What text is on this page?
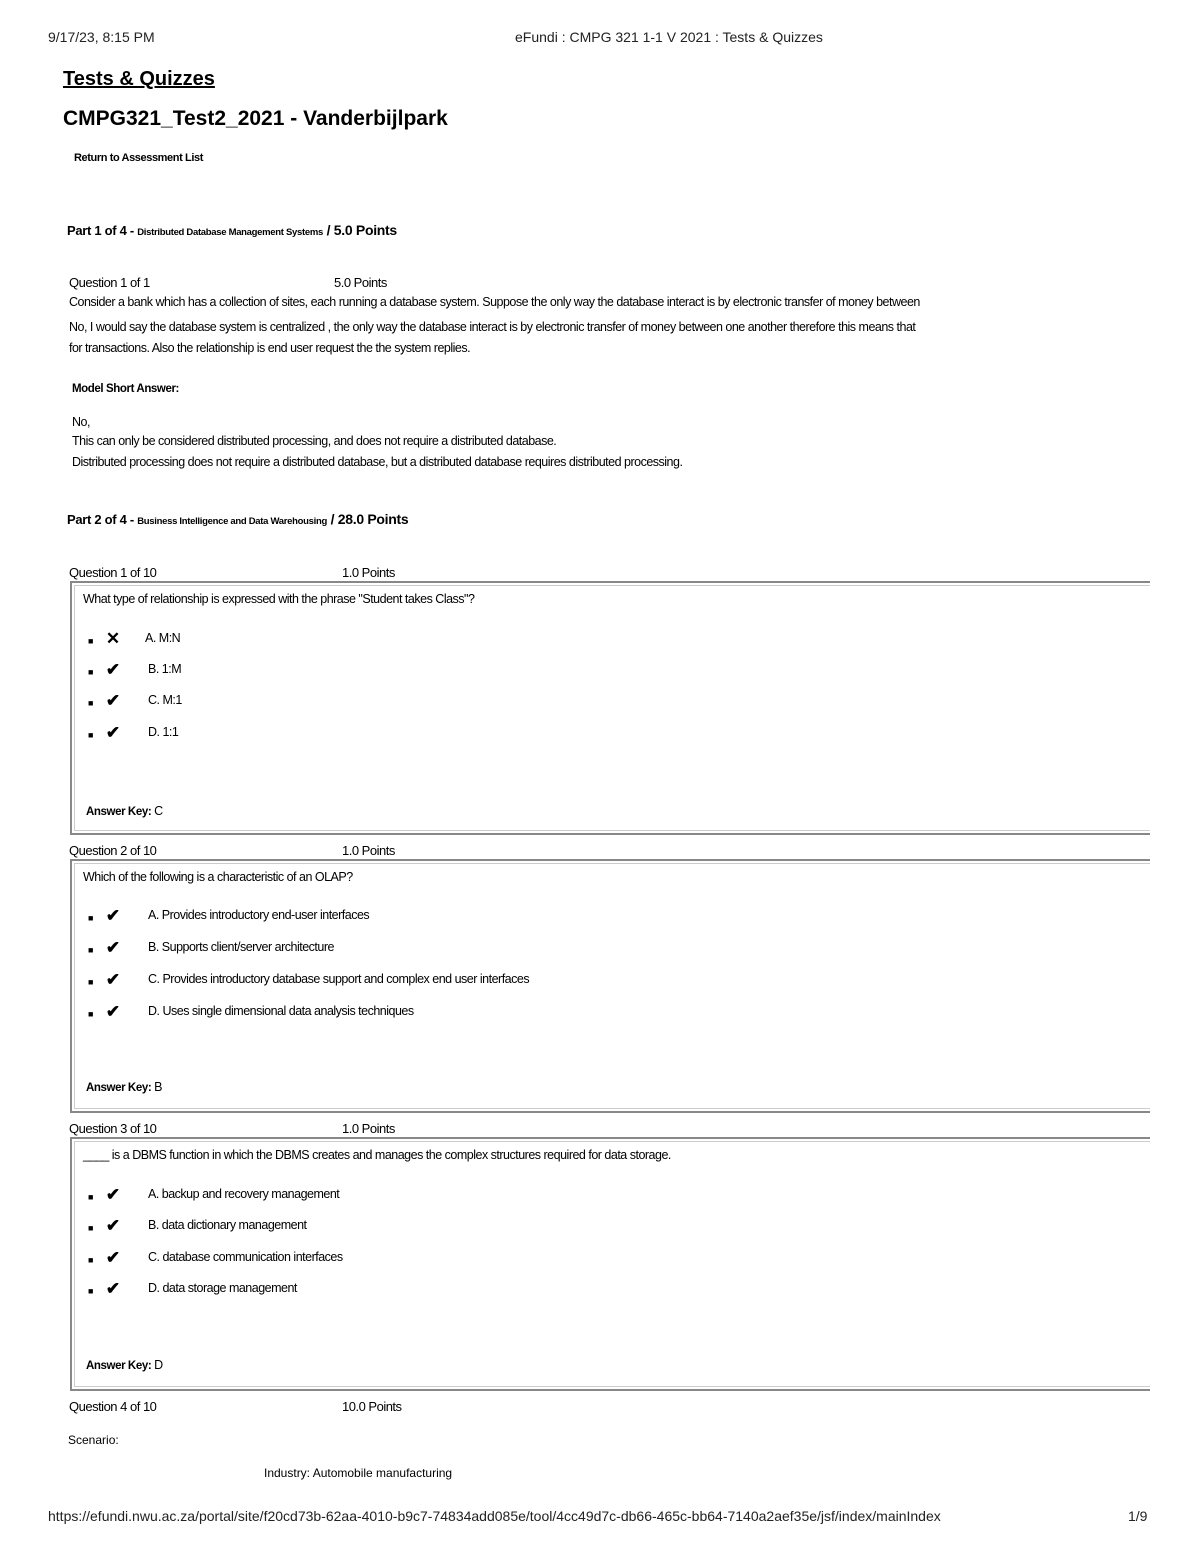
9/17/23, 8:15 PM	eFundi : CMPG 321 1-1 V 2021 : Tests & Quizzes
Tests & Quizzes
CMPG321_Test2_2021 - Vanderbijlpark
Return to Assessment List
Part 1 of 4 - Distributed Database Management Systems / 5.0 Points
Question 1 of 1	5.0 Points
Consider a bank which has a collection of sites, each running a database system. Suppose the only way the database interact is by electronic transfer of money between
No, I would say the database system is centralized , the only way the database interact is by electronic transfer of money between one another therefore this means that
for transactions. Also the relationship is end user request the the system replies.
Model Short Answer:
No,
This can only be considered distributed processing, and does not require a distributed database.
Distributed processing does not require a distributed database, but a distributed database requires distributed processing.
Part 2 of 4 - Business Intelligence and Data Warehousing / 28.0 Points
Question 1 of 10	1.0 Points
What type of relationship is expressed with the phrase "Student takes Class"?
■ ✕ A. M:N
■ ✔ B. 1:M
■ ✔ C. M:1
■ ✔ D. 1:1
Answer Key: C
Question 2 of 10	1.0 Points
Which of the following is a characteristic of an OLAP?
■ ✔ A. Provides introductory end-user interfaces
■ ✔ B. Supports client/server architecture
■ ✔ C. Provides introductory database support and complex end user interfaces
■ ✔ D. Uses single dimensional data analysis techniques
Answer Key: B
Question 3 of 10	1.0 Points
____ is a DBMS function in which the DBMS creates and manages the complex structures required for data storage.
■ ✔ A. backup and recovery management
■ ✔ B. data dictionary management
■ ✔ C. database communication interfaces
■ ✔ D. data storage management
Answer Key: D
Question 4 of 10	10.0 Points
Scenario:
Industry: Automobile manufacturing
https://efundi.nwu.ac.za/portal/site/f20cd73b-62aa-4010-b9c7-74834add085e/tool/4cc49d7c-db66-465c-bb64-7140a2aef35e/jsf/index/mainIndex	1/9
